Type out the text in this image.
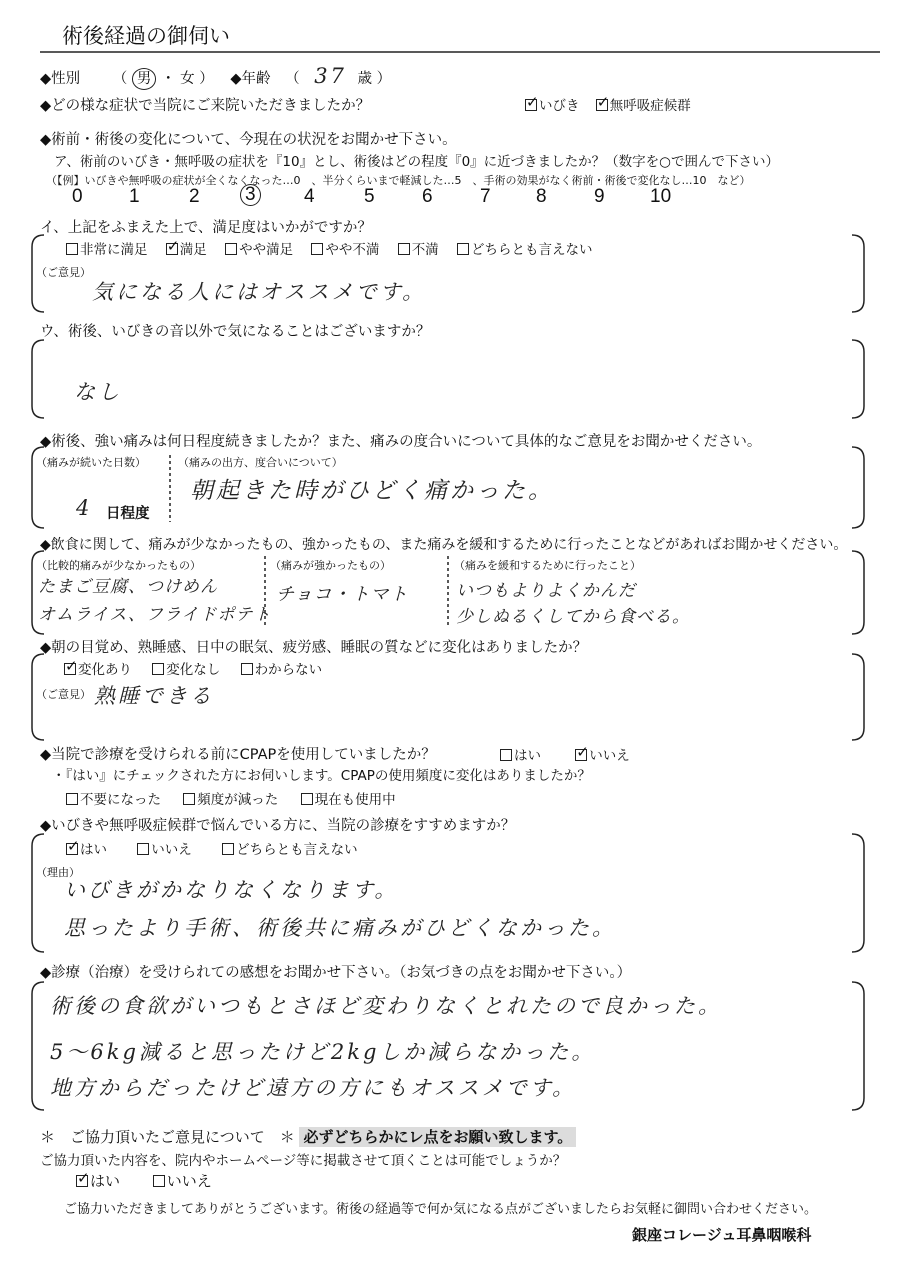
術後経過の御伺い
◆性別 （ 男 ・ 女 ） ◆年齢 （ 37 歳 ）
◆どの様な症状で当院にご来院いただきましたか？ ✓	いびき ✓ 無呼吸症候群
◆術前・術後の変化について、今現在の状況をお聞かせ下さい。
ア、術前のいびき・無呼吸の症状を『10』とし、術後はどの程度『0』に近づきましたか？（数字を○で囲んで下さい）
（【例】いびきや無呼吸の症状が全くなくなった…0　、半分くらいまで軽減した…5　、手術の効果がなく術前・術後で変化なし…10　など）
0 1	2 3	4	5 6 7 8 9 10
イ、上記をふまえた上で、満足度はいかがですか？
非常に満足 ✓ 満足 やや満足 やや不満 不満 どちらとも言えない
（ご意見）
気になる人にはオススメです。
ウ、術後、いびきの音以外で気になることはございますか？
なし
◆術後、強い痛みは何日程度続きましたか？また、痛みの度合いについて具体的なご意見をお聞かせください。
（痛みが続いた日数）
4 日程度
（痛みの出方、度合いについて）
朝起きた時がひどく痛かった。
◆飲食に関して、痛みが少なかったもの、強かったもの、また痛みを緩和するために行ったことなどがあればお聞かせください。
（比較的痛みが少なかったもの）
たまご豆腐、つけめん
オムライス、フライドポテト
（痛みが強かったもの）
チョコ・トマト
（痛みを緩和するために行ったこと）
いつもよりよくかんだ
少しぬるくしてから食べる。
◆朝の目覚め、熟睡感、日中の眠気、疲労感、睡眠の質などに変化はありましたか？
✓変化あり	変化なし	わからない
（ご意見） 熟睡できる
◆当院で診療を受けられる前にCPAPを使用していましたか？	はい ✓	いいえ
・『はい』にチェックされた方にお伺いします。CPAPの使用頻度に変化はありましたか？
不要になった	頻度が減った	現在も使用中
◆いびきや無呼吸症候群で悩んでいる方に、当院の診療をすすめますか？
✓はい	いいえ	どちらとも言えない
（理由）
いびきがかなりなくなります。
思ったより手術、術後共に痛みがひどくなかった。
◆診療（治療）を受けられての感想をお聞かせ下さい。（お気づきの点をお聞かせ下さい。）
術後の食欲がいつもとさほど変わりなくとれたので良かった。
5〜6kg減ると思ったけど2kgしか減らなかった。
地方からだったけど遠方の方にもオススメです。
＊　ご協力頂いたご意見について　＊ 必ずどちらかにレ点をお願い致します。
ご協力頂いた内容を、院内やホームページ等に掲載させて頂くことは可能でしょうか？
✓はい	いいえ
ご協力いただきましてありがとうございます。術後の経過等で何か気になる点がございましたらお気軽に御問い合わせください。
銀座コレージュ耳鼻咽喉科
